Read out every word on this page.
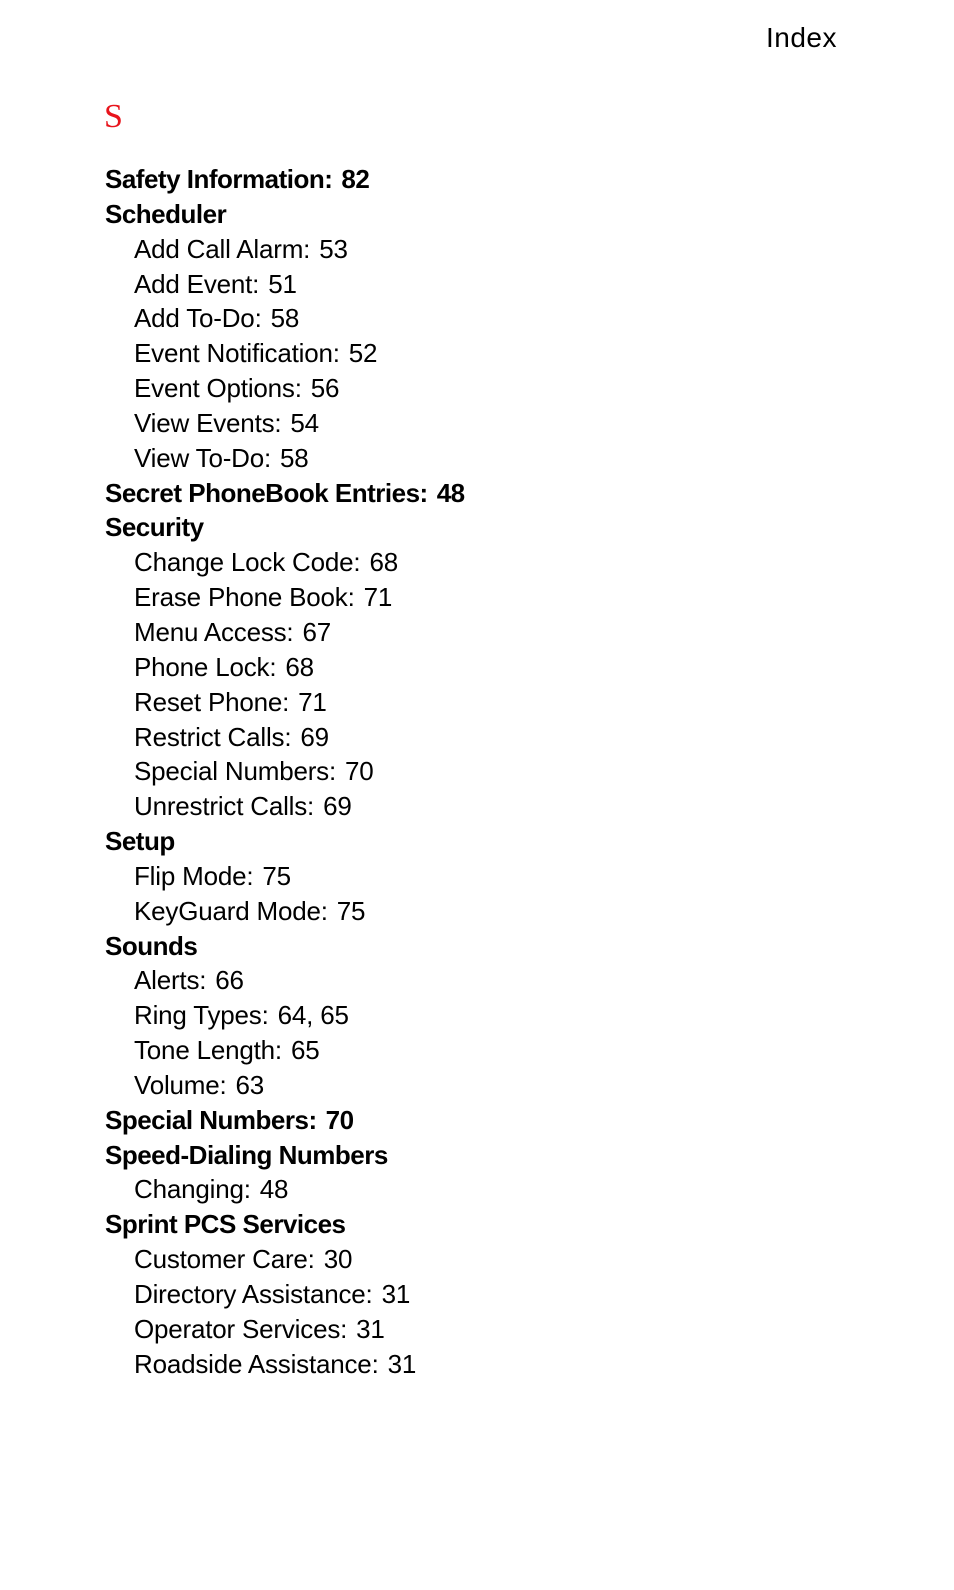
Index
S
Safety Information: 82
Scheduler
Add Call Alarm: 53
Add Event: 51
Add To-Do: 58
Event Notification: 52
Event Options: 56
View Events: 54
View To-Do: 58
Secret PhoneBook Entries: 48
Security
Change Lock Code: 68
Erase Phone Book: 71
Menu Access: 67
Phone Lock: 68
Reset Phone: 71
Restrict Calls: 69
Special Numbers: 70
Unrestrict Calls: 69
Setup
Flip Mode: 75
KeyGuard Mode: 75
Sounds
Alerts: 66
Ring Types: 64, 65
Tone Length: 65
Volume: 63
Special Numbers: 70
Speed-Dialing Numbers
Changing: 48
Sprint PCS Services
Customer Care: 30
Directory Assistance: 31
Operator Services: 31
Roadside Assistance: 31
